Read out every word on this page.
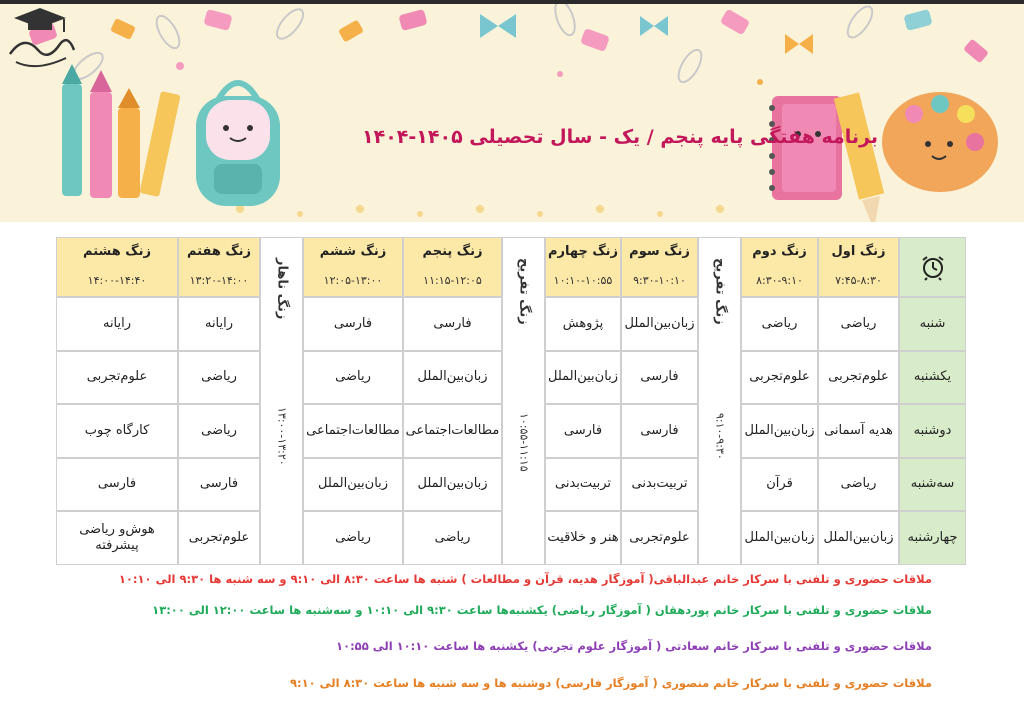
برنامه هفتگی پایه پنجم / یک - سال تحصیلی ۱۴۰۵-۱۴۰۴
زنگ هشتم
۱۴:۰۰-۱۴:۴۰
رایانه
علوم‌تجربی
کارگاه چوب
فارسی
هوش‌و ریاضی پیشرفته
زنگ هفتم
۱۳:۲۰-۱۴:۰۰
رایانه
ریاضی
ریاضی
فارسی
علوم‌تجربی
زنگ ناهار
۱۳:۰۰-۱۳:۲۰
زنگ ششم
۱۲:۰۵-۱۳:۰۰
فارسی
ریاضی
مطالعات‌اجتماعی
زبان‌بین‌الملل
ریاضی
زنگ پنجم
۱۱:۱۵-۱۲:۰۵
فارسی
زبان‌بین‌الملل
مطالعات‌اجتماعی
زبان‌بین‌الملل
ریاضی
زنگ تفریح
۱۰:۵۵-۱۱:۱۵
زنگ چهارم
۱۰:۱۰-۱۰:۵۵
پژوهش
زبان‌بین‌الملل
فارسی
تربیت‌بدنی
هنر و خلاقیت
زنگ سوم
۹:۳۰-۱۰:۱۰
زبان‌بین‌الملل
فارسی
فارسی
تربیت‌بدنی
علوم‌تجربی
زنگ تفریح
۹:۱۰-۹:۳۰
زنگ دوم
۸:۳۰-۹:۱۰
ریاضی
علوم‌تجربی
زبان‌بین‌الملل
قرآن
زبان‌بین‌الملل
زنگ اول
۷:۴۵-۸:۳۰
ریاضی
علوم‌تجربی
هدیه آسمانی
ریاضی
زبان‌بین‌الملل
شنبه
یکشنبه
دوشنبه
سه‌شنبه
چهارشنبه
ملاقات حضوری و تلفنی با سرکار خانم عبدالباقی( آموزگار هدیه، قرآن و مطالعات ) شنبه ها ساعت ۸:۳۰ الی ۹:۱۰ و سه شنبه ها ۹:۳۰ الی ۱۰:۱۰
ملاقات حضوری و تلفنی با سرکار خانم پوردهقان ( آموزگار ریاضی) یکشنبه‌ها ساعت ۹:۳۰ الی ۱۰:۱۰ و سه‌شنبه ها ساعت ۱۲:۰۰ الی ۱۳:۰۰
ملاقات حضوری و تلفنی با سرکار خانم سعادتی ( آموزگار علوم تجربی) یکشنبه ها ساعت ۱۰:۱۰ الی ۱۰:۵۵
ملاقات حضوری و تلفنی با سرکار خانم منصوری ( آموزگار فارسی) دوشنبه ها و سه شنبه ها ساعت ۸:۳۰ الی ۹:۱۰
